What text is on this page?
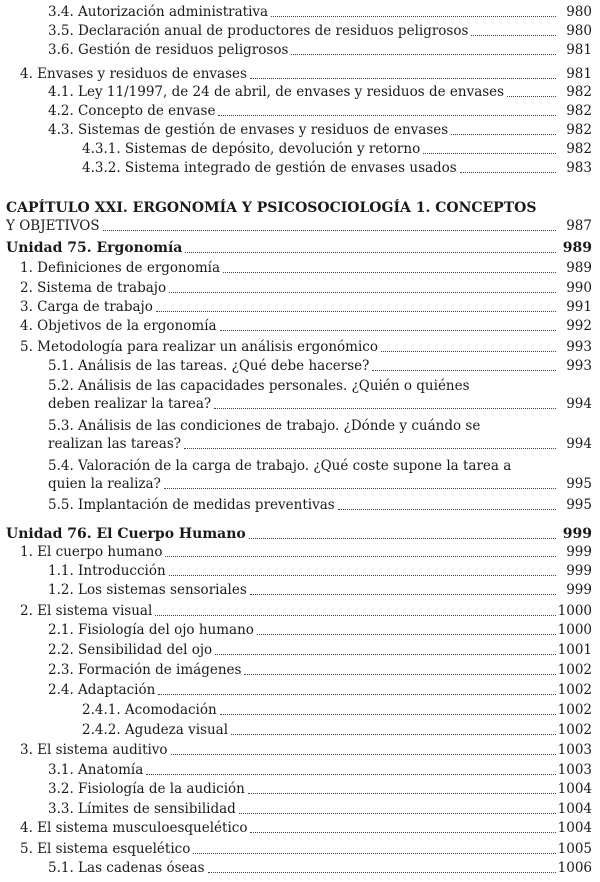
3.4. Autorización administrativa	980
3.5. Declaración anual de productores de residuos peligrosos	980
3.6. Gestión de residuos peligrosos	981
4. Envases y residuos de envases	981
4.1. Ley 11/1997, de 24 de abril, de envases y residuos de envases	982
4.2. Concepto de envase	982
4.3. Sistemas de gestión de envases y residuos de envases	982
4.3.1. Sistemas de depósito, devolución y retorno	982
4.3.2. Sistema integrado de gestión de envases usados	983
CAPÍTULO XXI. ERGONOMÍA Y PSICOSOCIOLOGÍA 1. CONCEPTOS
Y OBJETIVOS	987
Unidad 75. Ergonomía	989
1. Definiciones de ergonomía	989
2. Sistema de trabajo	990
3. Carga de trabajo	991
4. Objetivos de la ergonomía	992
5. Metodología para realizar un análisis ergonómico	993
5.1. Análisis de las tareas. ¿Qué debe hacerse?	993
5.2. Análisis de las capacidades personales. ¿Quién o quiénes
deben realizar la tarea?	994
5.3. Análisis de las condiciones de trabajo. ¿Dónde y cuándo se
realizan las tareas?	994
5.4. Valoración de la carga de trabajo. ¿Qué coste supone la tarea a
quien la realiza?	995
5.5. Implantación de medidas preventivas	995
Unidad 76. El Cuerpo Humano	999
1. El cuerpo humano	999
1.1. Introducción	999
1.2. Los sistemas sensoriales	999
2. El sistema visual	1000
2.1. Fisiología del ojo humano	1000
2.2. Sensibilidad del ojo	1001
2.3. Formación de imágenes	1002
2.4. Adaptación	1002
2.4.1. Acomodación	1002
2.4.2. Agudeza visual	1002
3. El sistema auditivo	1003
3.1. Anatomía	1003
3.2. Fisiología de la audición	1004
3.3. Límites de sensibilidad	1004
4. El sistema musculoesquelético	1004
5. El sistema esquelético	1005
5.1. Las cadenas óseas	1006
